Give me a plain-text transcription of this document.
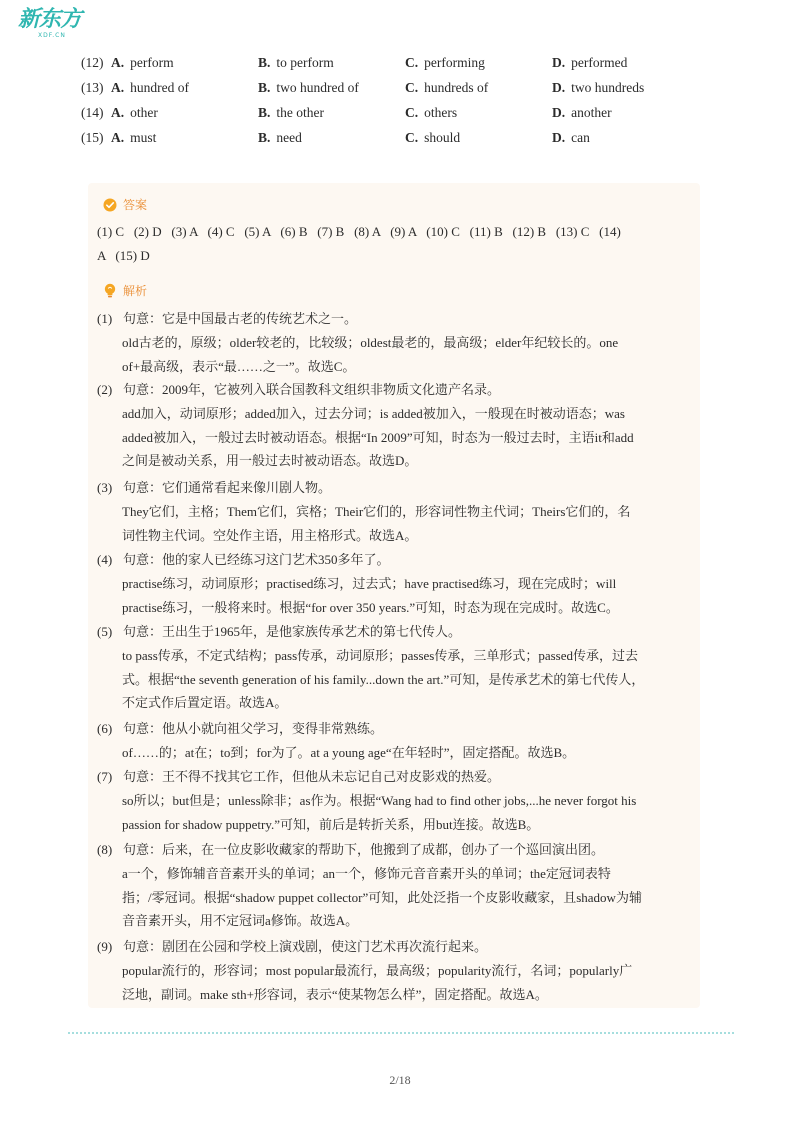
新东方
XDF.CN
(12) A. perform	B. to perform	C. performing	D. performed
(13) A. hundred of	B. two hundred of	C. hundreds of	D. two hundreds
(14) A. other	B. the other	C. others	D. another
(15) A. must	B. need	C. should	D. can
答案
(1) C   (2) D   (3) A   (4) C   (5) A   (6) B   (7) B   (8) A   (9) A   (10) C   (11) B   (12) B   (13) C   (14)
A   (15) D
解析
(1) 句意：它是中国最古老的传统艺术之一。
old古老的，原级；older较老的，比较级；oldest最老的，最高级；elder年纪较长的。one
of+最高级，表示“最……之一”。故选C。
(2) 句意：2009年，它被列入联合国教科文组织非物质文化遗产名录。
add加入，动词原形；added加入，过去分词；is added被加入，一般现在时被动语态；was
added被加入，一般过去时被动语态。根据“In 2009”可知，时态为一般过去时，主语it和add
之间是被动关系，用一般过去时被动语态。故选D。
(3) 句意：它们通常看起来像川剧人物。
They它们，主格；Them它们，宾格；Their它们的，形容词性物主代词；Theirs它们的，名
词性物主代词。空处作主语，用主格形式。故选A。
(4) 句意：他的家人已经练习这门艺术350多年了。
practise练习，动词原形；practised练习，过去式；have practised练习，现在完成时；will
practise练习，一般将来时。根据“for over 350 years.”可知，时态为现在完成时。故选C。
(5) 句意：王出生于1965年，是他家族传承艺术的第七代传人。
to pass传承，不定式结构；pass传承，动词原形；passes传承，三单形式；passed传承，过去
式。根据“the seventh generation of his family...down the art.”可知，是传承艺术的第七代传人，
不定式作后置定语。故选A。
(6) 句意：他从小就向祖父学习，变得非常熟练。
of……的；at在；to到；for为了。at a young age“在年轻时”，固定搭配。故选B。
(7) 句意：王不得不找其它工作，但他从未忘记自己对皮影戏的热爱。
so所以；but但是；unless除非；as作为。根据“Wang had to find other jobs,...he never forgot his
passion for shadow puppetry.”可知，前后是转折关系，用but连接。故选B。
(8) 句意：后来，在一位皮影收藏家的帮助下，他搬到了成都，创办了一个巡回演出团。
a一个，修饰辅音音素开头的单词；an一个，修饰元音音素开头的单词；the定冠词表特
指；/零冠词。根据“shadow puppet collector”可知，此处泛指一个皮影收藏家，且shadow为辅
音音素开头，用不定冠词a修饰。故选A。
(9) 句意：剧团在公园和学校上演戏剧，使这门艺术再次流行起来。
popular流行的，形容词；most popular最流行，最高级；popularity流行，名词；popularly广
泛地，副词。make sth+形容词，表示“使某物怎么样”，固定搭配。故选A。
2/18
